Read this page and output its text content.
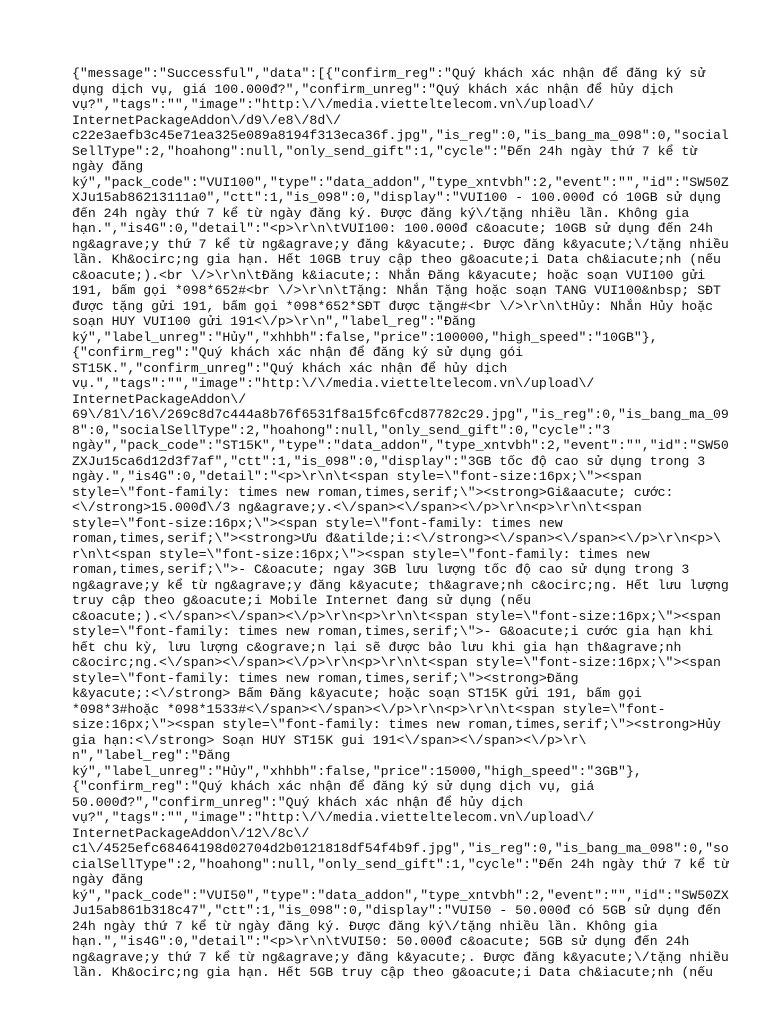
{"message":"Successful","data":[{"confirm_reg":"Quý khách xác nhận để đăng ký sử
dụng dịch vụ, giá 100.000đ?","confirm_unreg":"Quý khách xác nhận để hủy dịch
vụ?","tags":"","image":"http:\/\/media.vietteltelecom.vn\/upload\/
InternetPackageAddon\/d9\/e8\/8d\/
c22e3aefb3c45e71ea325e089a8194f313eca36f.jpg","is_reg":0,"is_bang_ma_098":0,"social
SellType":2,"hoahong":null,"only_send_gift":1,"cycle":"Đến 24h ngày thứ 7 kể từ
ngày đăng
ký","pack_code":"VUI100","type":"data_addon","type_xntvbh":2,"event":"","id":"SW50Z
XJu15ab86213111a0","ctt":1,"is_098":0,"display":"VUI100 - 100.000đ có 10GB sử dụng
đến 24h ngày thứ 7 kể từ ngày đăng ký. Được đăng ký\/tặng nhiều lần. Không gia
hạn.","is4G":0,"detail":"<p>\r\n\tVUI100: 100.000đ c&oacute; 10GB sử dụng đến 24h
ng&agrave;y thứ 7 kể từ ng&agrave;y đăng k&yacute;. Được đăng k&yacute;\/tặng nhiều
lần. Kh&ocirc;ng gia hạn. Hết 10GB truy cập theo g&oacute;i Data ch&iacute;nh (nếu
c&oacute;).<br \/>\r\n\tĐăng k&iacute;: Nhắn Đăng k&yacute; hoặc soạn VUI100 gửi
191, bấm gọi *098*652#<br \/>\r\n\tTặng: Nhắn Tặng hoặc soạn TANG VUI100&nbsp; SĐT
được tặng gửi 191, bấm gọi *098*652*SĐT được tặng#<br \/>\r\n\tHủy: Nhắn Hủy hoặc
soạn HUY VUI100 gửi 191<\/p>\r\n","label_reg":"Đăng
ký","label_unreg":"Hủy","xhhbh":false,"price":100000,"high_speed":"10GB"},
{"confirm_reg":"Quý khách xác nhận để đăng ký sử dụng gói
ST15K.","confirm_unreg":"Quý khách xác nhận để hủy dịch
vụ.","tags":"","image":"http:\/\/media.vietteltelecom.vn\/upload\/
InternetPackageAddon\/
69\/81\/16\/269c8d7c444a8b76f6531f8a15fc6fcd87782c29.jpg","is_reg":0,"is_bang_ma_09
8":0,"socialSellType":2,"hoahong":null,"only_send_gift":0,"cycle":"3
ngày","pack_code":"ST15K","type":"data_addon","type_xntvbh":2,"event":"","id":"SW50
ZXJu15ca6d12d3f7af","ctt":1,"is_098":0,"display":"3GB tốc độ cao sử dụng trong 3
ngày.","is4G":0,"detail":"<p>\r\n\t<span style=\"font-size:16px;\"><span
style=\"font-family: times new roman,times,serif;\"><strong>Gi&aacute; cước:
<\/strong>15.000đ\/3 ng&agrave;y.<\/span><\/span><\/p>\r\n<p>\r\n\t<span
style=\"font-size:16px;\"><span style=\"font-family: times new
roman,times,serif;\"><strong>Ưu đ&atilde;i:<\/strong><\/span><\/span><\/p>\r\n<p>\
r\n\t<span style=\"font-size:16px;\"><span style=\"font-family: times new
roman,times,serif;\">- C&oacute; ngay 3GB lưu lượng tốc độ cao sử dụng trong 3
ng&agrave;y kể từ ng&agrave;y đăng k&yacute; th&agrave;nh c&ocirc;ng. Hết lưu lượng
truy cập theo g&oacute;i Mobile Internet đang sử dụng (nếu
c&oacute;).<\/span><\/span><\/p>\r\n<p>\r\n\t<span style=\"font-size:16px;\"><span
style=\"font-family: times new roman,times,serif;\">- G&oacute;i cước gia hạn khi
hết chu kỳ, lưu lượng c&ograve;n lại sẽ được bảo lưu khi gia hạn th&agrave;nh
c&ocirc;ng.<\/span><\/span><\/p>\r\n<p>\r\n\t<span style=\"font-size:16px;\"><span
style=\"font-family: times new roman,times,serif;\"><strong>Đăng
k&yacute;:<\/strong> Bấm Đăng k&yacute; hoặc soạn ST15K gửi 191, bấm gọi
*098*3#hoặc *098*1533#<\/span><\/span><\/p>\r\n<p>\r\n\t<span style=\"font-
size:16px;\"><span style=\"font-family: times new roman,times,serif;\"><strong>Hủy
gia hạn:<\/strong> Soạn HUY ST15K gui 191<\/span><\/span><\/p>\r\
n","label_reg":"Đăng
ký","label_unreg":"Hủy","xhhbh":false,"price":15000,"high_speed":"3GB"},
{"confirm_reg":"Quý khách xác nhận để đăng ký sử dụng dịch vụ, giá
50.000đ?","confirm_unreg":"Quý khách xác nhận để hủy dịch
vụ?","tags":"","image":"http:\/\/media.vietteltelecom.vn\/upload\/
InternetPackageAddon\/12\/8c\/
c1\/4525efc68464198d02704d2b0121818df54f4b9f.jpg","is_reg":0,"is_bang_ma_098":0,"so
cialSellType":2,"hoahong":null,"only_send_gift":1,"cycle":"Đến 24h ngày thứ 7 kể từ
ngày đăng
ký","pack_code":"VUI50","type":"data_addon","type_xntvbh":2,"event":"","id":"SW50ZX
Ju15ab861b318c47","ctt":1,"is_098":0,"display":"VUI50 - 50.000đ có 5GB sử dụng đến
24h ngày thứ 7 kể từ ngày đăng ký. Được đăng ký\/tặng nhiều lần. Không gia
hạn.","is4G":0,"detail":"<p>\r\n\tVUI50: 50.000đ c&oacute; 5GB sử dụng đến 24h
ng&agrave;y thứ 7 kể từ ng&agrave;y đăng k&yacute;. Được đăng k&yacute;\/tặng nhiều
lần. Kh&ocirc;ng gia hạn. Hết 5GB truy cập theo g&oacute;i Data ch&iacute;nh (nếu
